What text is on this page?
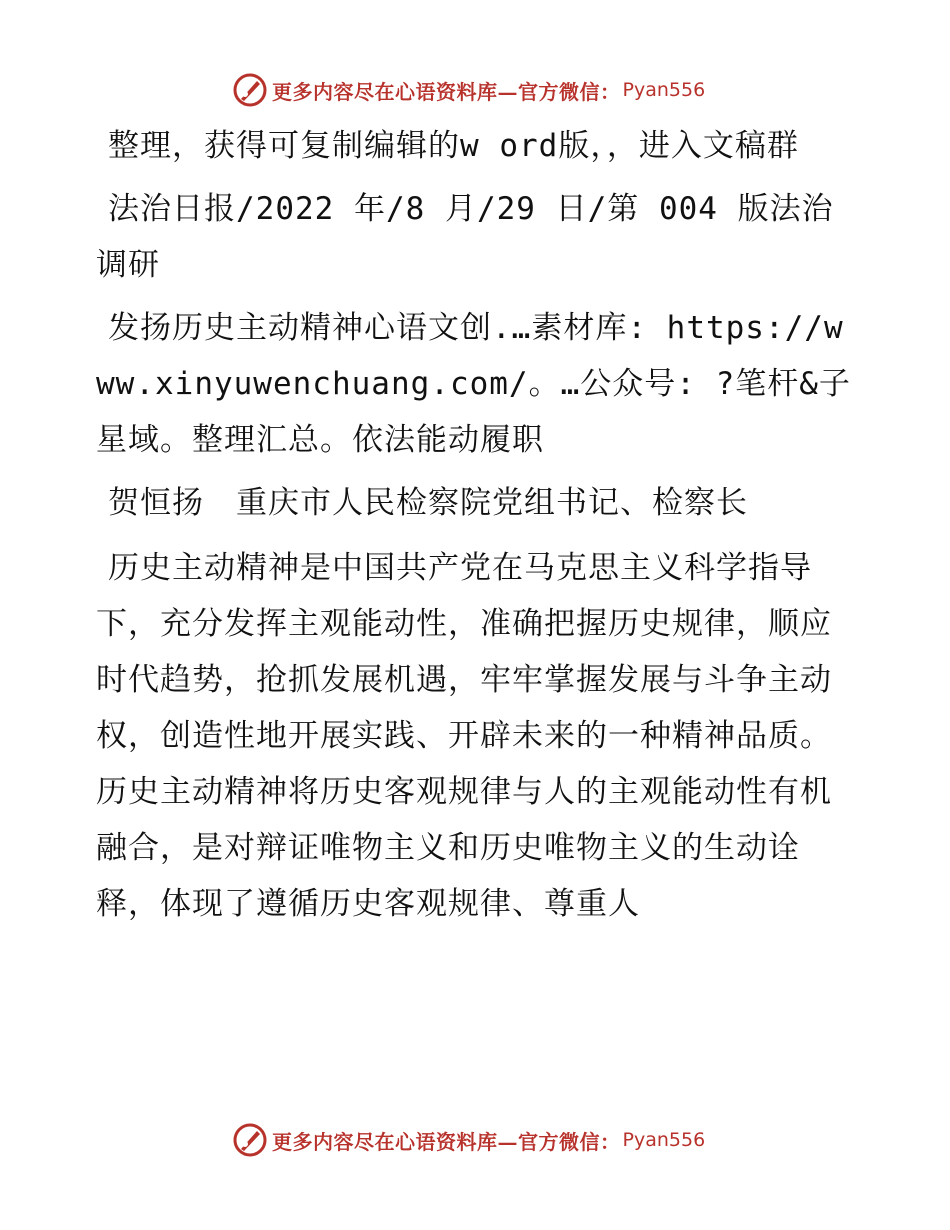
更多内容尽在心语资料库—官方微信： Pyan556

整理，获得可复制编辑的w ord版，，进入文稿群

法治日报/2022 年/8 月/29 日/第 004 版法治调研

发扬历史主动精神心语文创.…素材库: https://www.xinyuwenchuang.com/。…公众号: ?笔杆&子星域。整理汇总。依法能动履职

贺恒扬　重庆市人民检察院党组书记、检察长

历史主动精神是中国共产党在马克思主义科学指导下，充分发挥主观能动性，准确把握历史规律，顺应时代趋势，抢抓发展机遇，牢牢掌握发展与斗争主动权，创造性地开展实践、开辟未来的一种精神品质。历史主动精神将历史客观规律与人的主观能动性有机融合，是对辩证唯物主义和历史唯物主义的生动诠释，体现了遵循历史客观规律、尊重人

更多内容尽在心语资料库—官方微信： Pyan556
